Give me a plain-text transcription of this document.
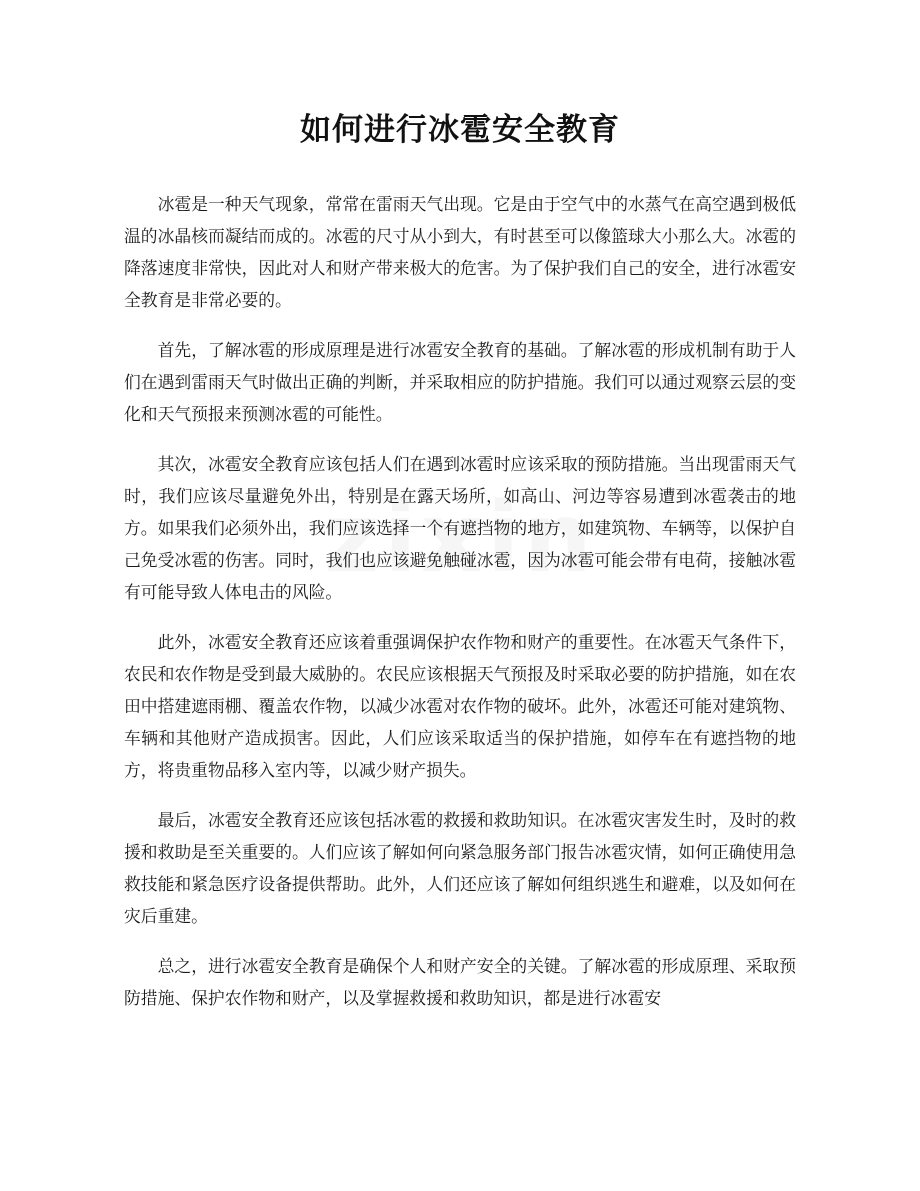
如何进行冰雹安全教育

冰雹是一种天气现象，常常在雷雨天气出现。它是由于空气中的水蒸气在高空遇到极低温的冰晶核而凝结而成的。冰雹的尺寸从小到大，有时甚至可以像篮球大小那么大。冰雹的降落速度非常快，因此对人和财产带来极大的危害。为了保护我们自己的安全，进行冰雹安全教育是非常必要的。

首先，了解冰雹的形成原理是进行冰雹安全教育的基础。了解冰雹的形成机制有助于人们在遇到雷雨天气时做出正确的判断，并采取相应的防护措施。我们可以通过观察云层的变化和天气预报来预测冰雹的可能性。

其次，冰雹安全教育应该包括人们在遇到冰雹时应该采取的预防措施。当出现雷雨天气时，我们应该尽量避免外出，特别是在露天场所，如高山、河边等容易遭到冰雹袭击的地方。如果我们必须外出，我们应该选择一个有遮挡物的地方，如建筑物、车辆等，以保护自己免受冰雹的伤害。同时，我们也应该避免触碰冰雹，因为冰雹可能会带有电荷，接触冰雹有可能导致人体电击的风险。

此外，冰雹安全教育还应该着重强调保护农作物和财产的重要性。在冰雹天气条件下，农民和农作物是受到最大威胁的。农民应该根据天气预报及时采取必要的防护措施，如在农田中搭建遮雨棚、覆盖农作物，以减少冰雹对农作物的破坏。此外，冰雹还可能对建筑物、车辆和其他财产造成损害。因此，人们应该采取适当的保护措施，如停车在有遮挡物的地方，将贵重物品移入室内等，以减少财产损失。

最后，冰雹安全教育还应该包括冰雹的救援和救助知识。在冰雹灾害发生时，及时的救援和救助是至关重要的。人们应该了解如何向紧急服务部门报告冰雹灾情，如何正确使用急救技能和紧急医疗设备提供帮助。此外，人们还应该了解如何组织逃生和避难，以及如何在灾后重建。

总之，进行冰雹安全教育是确保个人和财产安全的关键。了解冰雹的形成原理、采取预防措施、保护农作物和财产，以及掌握救援和救助知识，都是进行冰雹安
